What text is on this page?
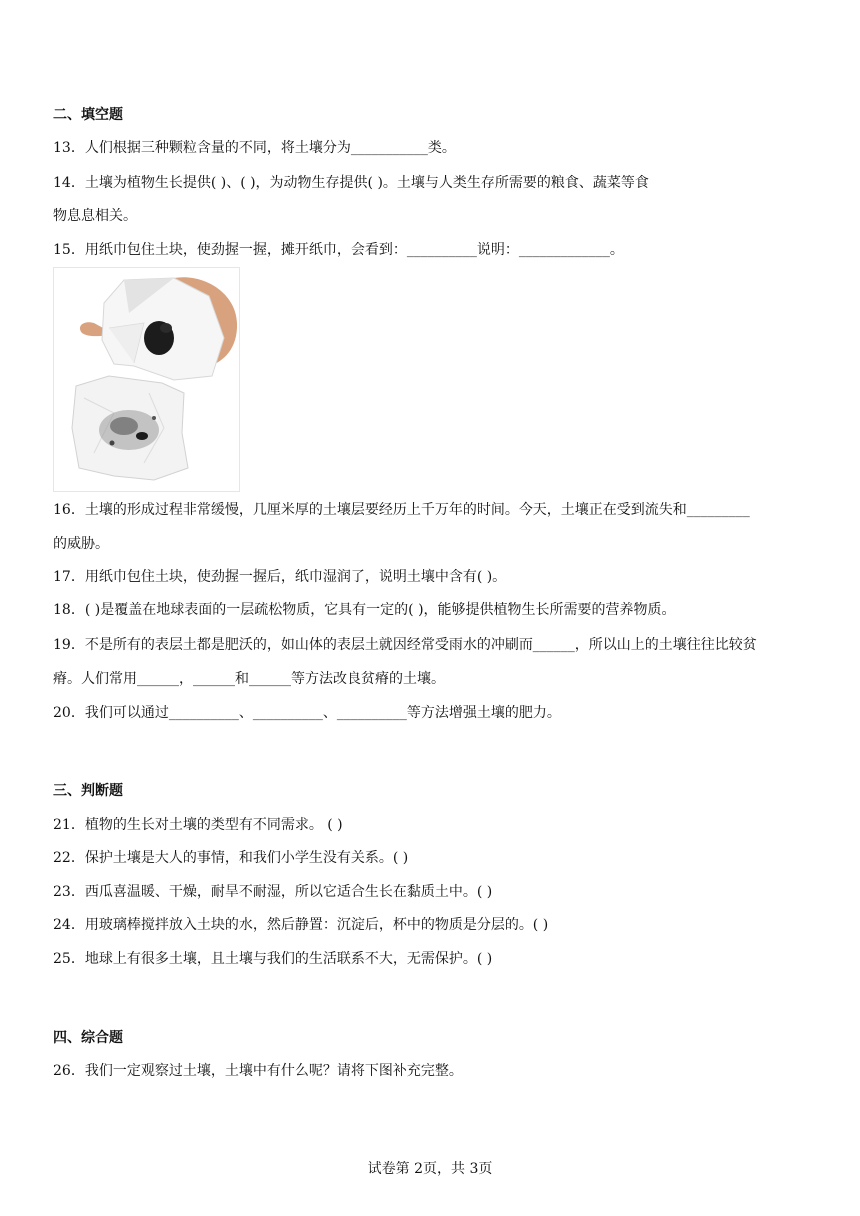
二、填空题
13．人们根据三种颗粒含量的不同，将土壤分为___________类。
14．土壤为植物生长提供( )、( )，为动物生存提供( )。土壤与人类生存所需要的粮食、蔬菜等食
物息息相关。
15．用纸巾包住土块，使劲握一握，摊开纸巾，会看到：__________说明：_____________。
16．土壤的形成过程非常缓慢，几厘米厚的土壤层要经历上千万年的时间。今天，土壤正在受到流失和_________
的威胁。
17．用纸巾包住土块，使劲握一握后，纸巾湿润了，说明土壤中含有( )。
18．( )是覆盖在地球表面的一层疏松物质，它具有一定的( )，能够提供植物生长所需要的营养物质。
19．不是所有的表层土都是肥沃的，如山体的表层土就因经常受雨水的冲刷而______，所以山上的土壤往往比较贫
瘠。人们常用______，______和______等方法改良贫瘠的土壤。
20．我们可以通过__________、__________、__________等方法增强土壤的肥力。
三、判断题
21．植物的生长对土壤的类型有不同需求。 ( )
22．保护土壤是大人的事情，和我们小学生没有关系。( )
23．西瓜喜温暖、干燥，耐旱不耐湿，所以它适合生长在黏质土中。( )
24．用玻璃棒搅拌放入土块的水，然后静置：沉淀后，杯中的物质是分层的。( )
25．地球上有很多土壤，且土壤与我们的生活联系不大，无需保护。( )
四、综合题
26．我们一定观察过土壤，土壤中有什么呢？请将下图补充完整。
试卷第 2页，共 3页
